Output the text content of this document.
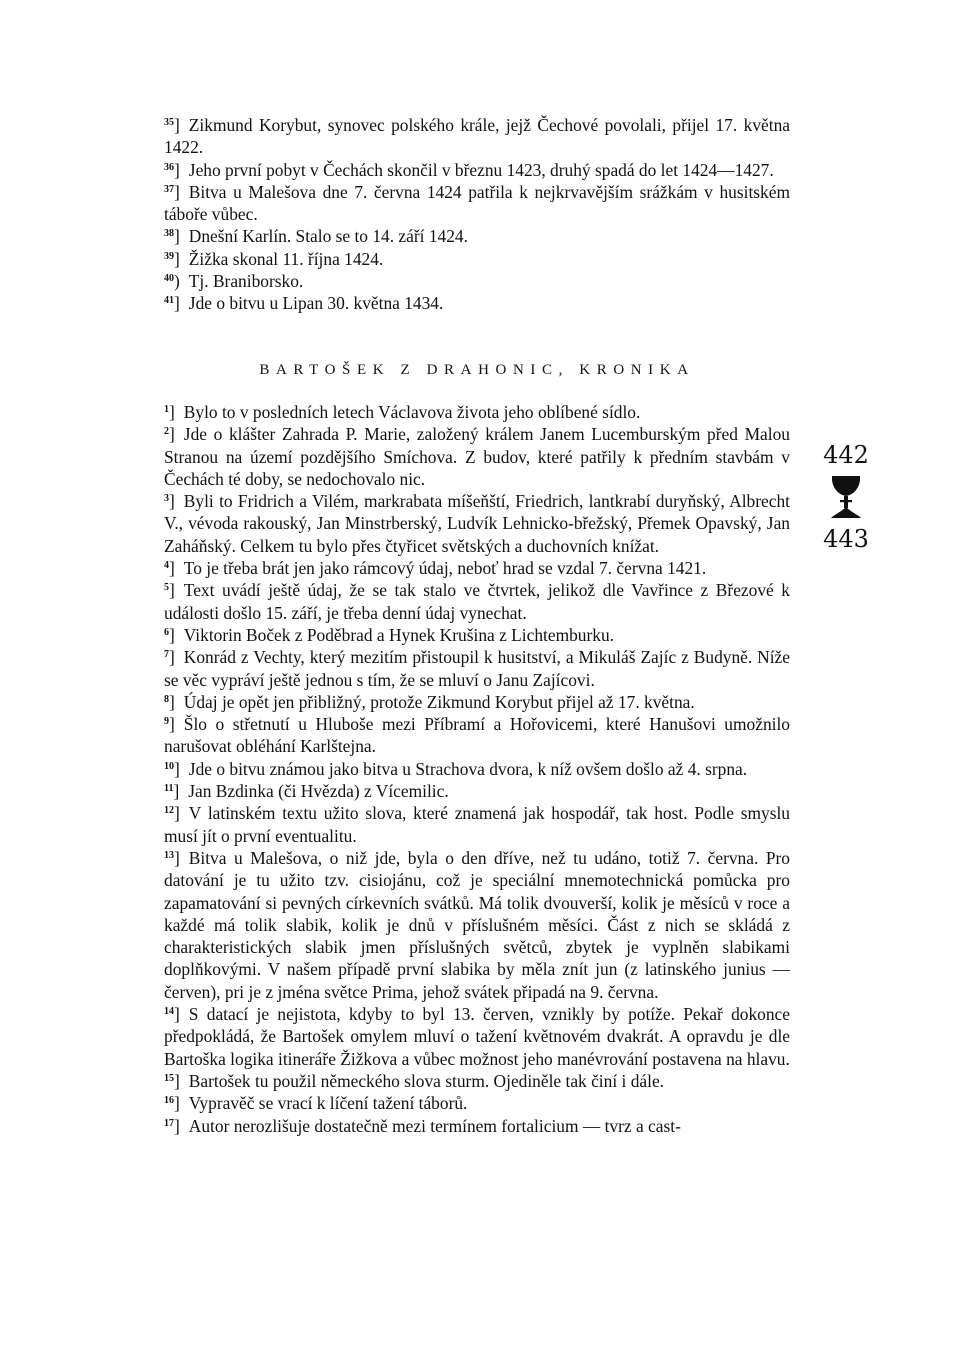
$^{35}$] Zikmund Korybut, synovec polského krále, jejž Čechové povolali, přijel 17. května 1422.

$^{36}$] Jeho první pobyt v Čechách skončil v březnu 1423, druhý spadá do let 1424—1427.

$^{37}$] Bitva u Malešova dne 7. června 1424 patřila k nejkrvavějším srážkám v husitském táboře vůbec.

$^{38}$] Dnešní Karlín. Stalo se to 14. září 1424.

$^{39}$] Žižka skonal 11. října 1424.

$^{40}$) Tj. Braniborsko.

$^{41}$] Jde o bitvu u Lipan 30. května 1434.

BARTOŠEK Z DRAHONIC, KRONIKA

$^1$] Bylo to v posledních letech Václavova života jeho oblíbené sídlo.

$^2$] Jde o klášter Zahrada P. Marie, založený králem Janem Lucemburským před Malou Stranou na území pozdějšího Smíchova. Z budov, které patřily k předním stavbám v Čechách té doby, se nedochovalo nic.

$^3$] Byli to Fridrich a Vilém, markrabata míšeňští, Friedrich, lantkrabí duryňský, Albrecht V., vévoda rakouský, Jan Minstrberský, Ludvík Lehnicko-břežský, Přemek Opavský, Jan Zaháňský. Celkem tu bylo přes čtyřicet světských a duchovních knížat.

$^4$] To je třeba brát jen jako rámcový údaj, neboť hrad se vzdal 7. června 1421.

$^5$] Text uvádí ještě údaj, že se tak stalo ve čtvrtek, jelikož dle Vavřince z Březové k události došlo 15. září, je třeba denní údaj vynechat.

$^6$] Viktorin Boček z Poděbrad a Hynek Krušina z Lichtemburku.

$^7$] Konrád z Vechty, který mezitím přistoupil k husitství, a Mikuláš Zajíc z Budyně. Níže se věc vypráví ještě jednou s tím, že se mluví o Janu Zajícovi.

$^8$] Údaj je opět jen přibližný, protože Zikmund Korybut přijel až 17. května.

$^9$] Šlo o střetnutí u Hluboše mezi Příbramí a Hořovicemi, které Hanušovi umožnilo narušovat obléhání Karlštejna.

$^{10}$] Jde o bitvu známou jako bitva u Strachova dvora, k níž ovšem došlo až 4. srpna.

$^{11}$] Jan Bzdinka (či Hvězda) z Vícemilic.

$^{12}$] V latinském textu užito slova, které znamená jak hospodář, tak host. Podle smyslu musí jít o první eventualitu.

$^{13}$] Bitva u Malešova, o niž jde, byla o den dříve, než tu udáno, totiž 7. června. Pro datování je tu užito tzv. cisiojánu, což je speciální mnemotechnická pomůcka pro zapamatování si pevných církevních svátků. Má tolik dvouverší, kolik je měsíců v roce a každé má tolik slabik, kolik je dnů v příslušném měsíci. Část z nich se skládá z charakteristických slabik jmen příslušných světců, zbytek je vyplněn slabikami doplňkovými. V našem případě první slabika by měla znít jun (z latinského junius — červen), pri je z jména světce Prima, jehož svátek připadá na 9. června.

$^{14}$] S datací je nejistota, kdyby to byl 13. červen, vznikly by potíže. Pekař dokonce předpokládá, že Bartošek omylem mluví o tažení květnovém dvakrát. A opravdu je dle Bartoška logika itineráře Žižkova a vůbec možnost jeho manévrování postavena na hlavu.

$^{15}$] Bartošek tu použil německého slova sturm. Ojediněle tak činí i dále.

$^{16}$] Vypravěč se vrací k líčení tažení táborů.

$^{17}$] Autor nerozlišuje dostatečně mezi termínem fortalicium — tvrz a cast-

442
443
